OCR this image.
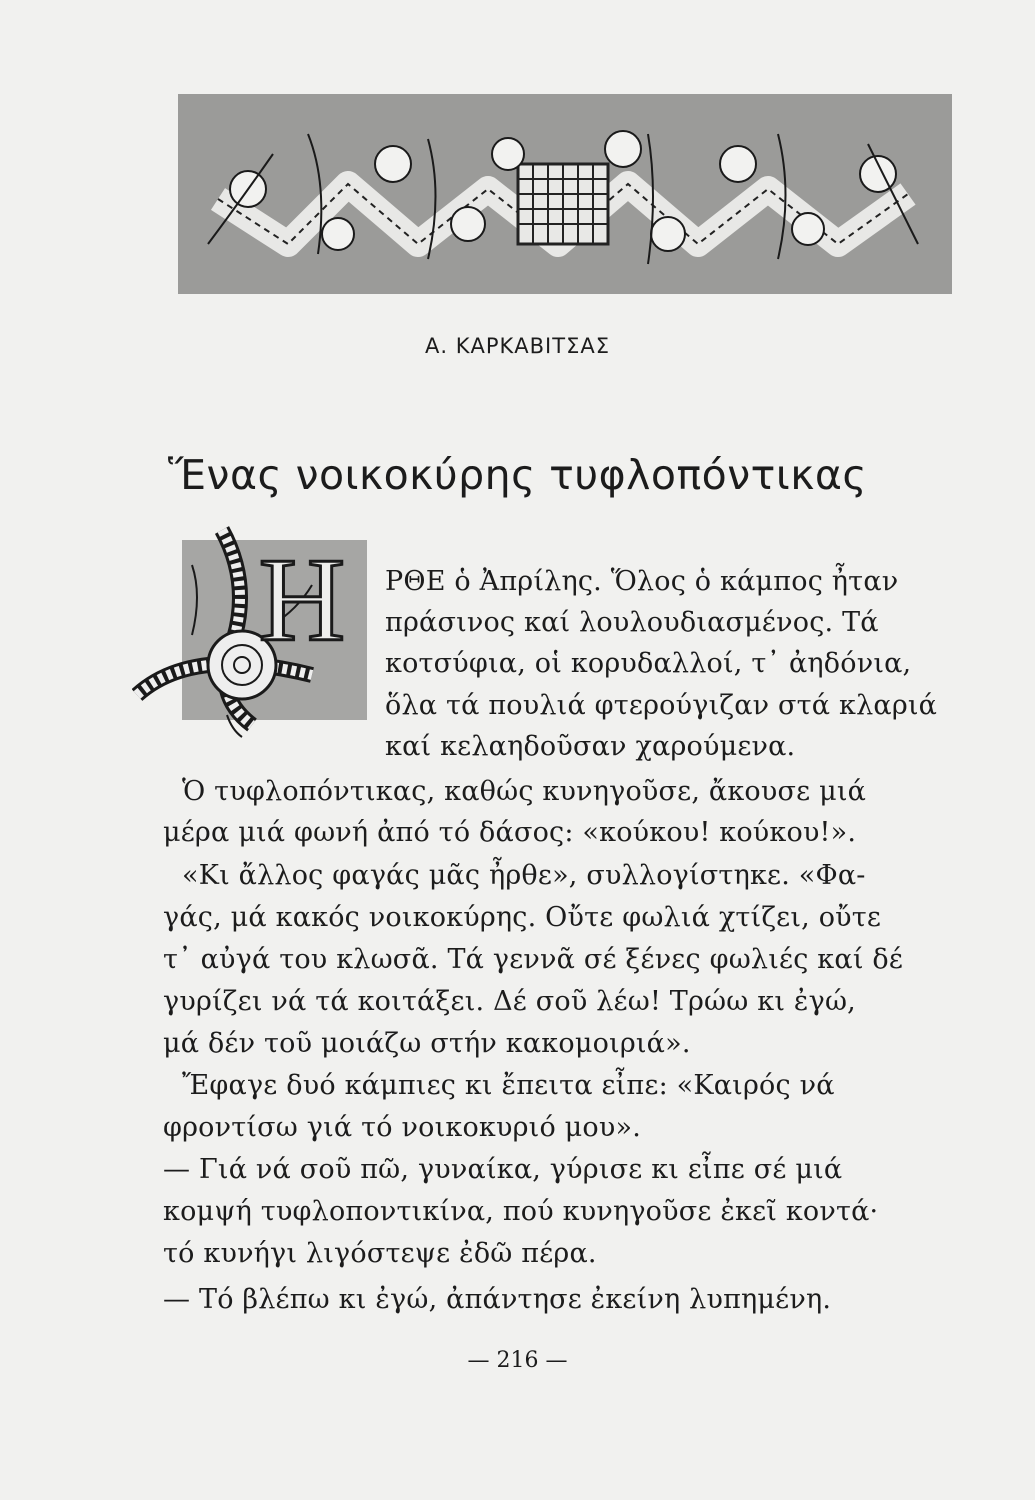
Α. ΚΑΡΚΑΒΙΤΣΑΣ
Ἕνας νοικοκύρης τυφλοπόντικας
Η ΡΘΕ ὁ Ἀπρίλης. Ὅλος ὁ κάμπος ἦταν
πράσινος καί λουλουδιασμένος. Τά
κοτσύφια, οἱ κορυδαλλοί, τ᾿ ἀηδόνια,
ὅλα τά πουλιά φτερούγιζαν στά κλαριά
καί κελαηδοῦσαν χαρούμενα.
Ὁ τυφλοπόντικας, καθώς κυνηγοῦσε, ἄκουσε μιά
μέρα μιά φωνή ἀπό τό δάσος: «κούκου! κούκου!».
«Κι ἄλλος φαγάς μᾶς ἦρθε», συλλογίστηκε. «Φα-
γάς, μά κακός νοικοκύρης. Οὔτε φωλιά χτίζει, οὔτε
τ᾿ αὐγά του κλωσᾶ. Τά γεννᾶ σέ ξένες φωλιές καί δέ
γυρίζει νά τά κοιτάξει. Δέ σοῦ λέω! Τρώω κι ἐγώ,
μά δέν τοῦ μοιάζω στήν κακομοιριά».
Ἔφαγε δυό κάμπιες κι ἔπειτα εἶπε: «Καιρός νά
φροντίσω γιά τό νοικοκυριό μου».
— Γιά νά σοῦ πῶ, γυναίκα, γύρισε κι εἶπε σέ μιά
κομψή τυφλοποντικίνα, πού κυνηγοῦσε ἐκεῖ κοντά·
τό κυνήγι λιγόστεψε ἐδῶ πέρα.
— Τό βλέπω κι ἐγώ, ἀπάντησε ἐκείνη λυπημένη.
— 216 —
